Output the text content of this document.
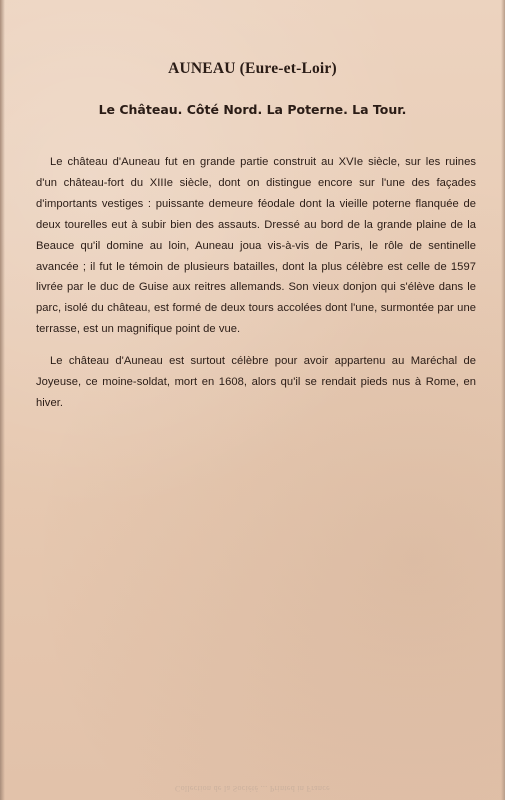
AUNEAU (Eure-et-Loir)
Le Château. Côté Nord. La Poterne. La Tour.

Le château d'Auneau fut en grande partie construit au XVIe siècle, sur les ruines d'un château-fort du XIIIe siècle, dont on distingue encore sur l'une des façades d'importants vestiges : puissante demeure féodale dont la vieille poterne flanquée de deux tourelles eut à subir bien des assauts. Dressé au bord de la grande plaine de la Beauce qu'il domine au loin, Auneau joua vis-à-vis de Paris, le rôle de sentinelle avancée ; il fut le témoin de plusieurs batailles, dont la plus célèbre est celle de 1597 livrée par le duc de Guise aux reitres allemands. Son vieux donjon qui s'élève dans le parc, isolé du château, est formé de deux tours accolées dont l'une, surmontée par une terrasse, est un magnifique point de vue.

Le château d'Auneau est surtout célèbre pour avoir appartenu au Maréchal de Joyeuse, ce moine-soldat, mort en 1608, alors qu'il se rendait pieds nus à Rome, en hiver.

Collection de la Société ... Printed in France
